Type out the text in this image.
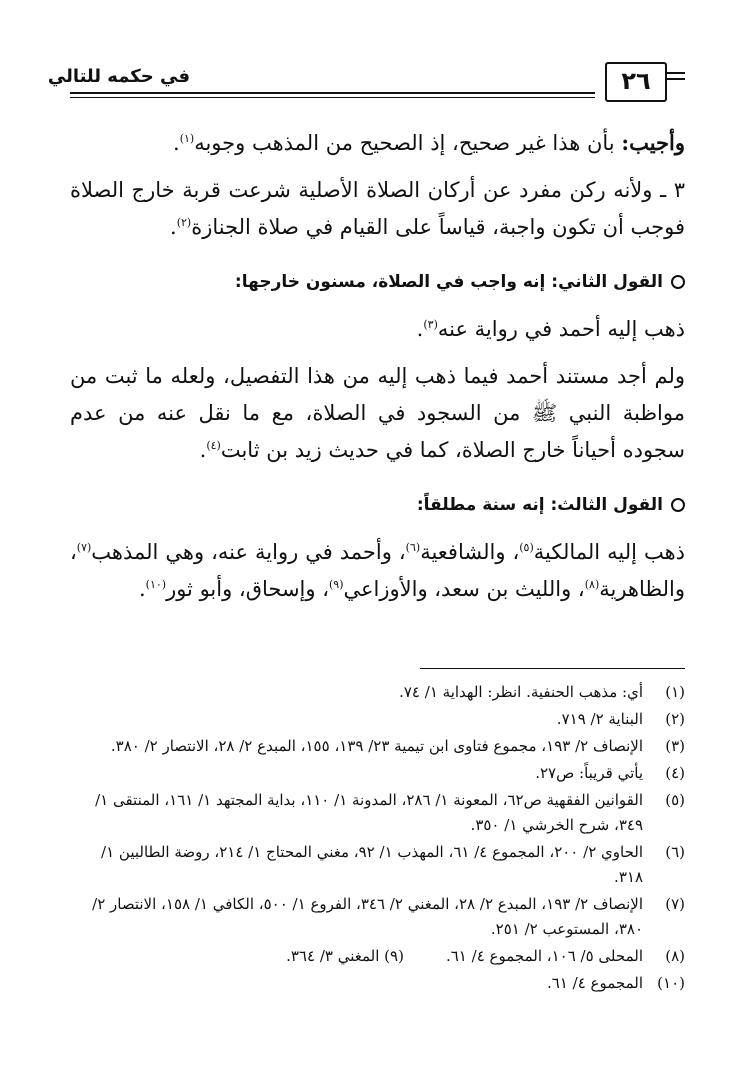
٢٦
في حكمه للتالي

وأجيب: بأن هذا غير صحيح، إذ الصحيح من المذهب وجوبه$^{(١)}$.

٣ ـ ولأنه ركن مفرد عن أركان الصلاة الأصلية شرعت قربة خارج الصلاة فوجب أن تكون واجبة، قياساً على القيام في صلاة الجنازة$^{(٢)}$.

القول الثاني: إنه واجب في الصلاة، مسنون خارجها:

ذهب إليه أحمد في رواية عنه$^{(٣)}$.

ولم أجد مستند أحمد فيما ذهب إليه من هذا التفصيل، ولعله ما ثبت من مواظبة النبي ﷺ من السجود في الصلاة، مع ما نقل عنه من عدم سجوده أحياناً خارج الصلاة، كما في حديث زيد بن ثابت$^{(٤)}$.

القول الثالث: إنه سنة مطلقاً:

ذهب إليه المالكية$^{(٥)}$، والشافعية$^{(٦)}$، وأحمد في رواية عنه، وهي المذهب$^{(٧)}$، والظاهرية$^{(٨)}$، والليث بن سعد، والأوزاعي$^{(٩)}$، وإسحاق، وأبو ثور$^{(١٠)}$.

(١)
أي: مذهب الحنفية. انظر: الهداية ١/ ٧٤.
(٢)
البناية ٢/ ٧١٩.
(٣)
الإنصاف ٢/ ١٩٣، مجموع فتاوى ابن تيمية ٢٣/ ١٣٩، ١٥٥، المبدع ٢/ ٢٨، الانتصار ٢/ ٣٨٠.
(٤)
يأتي قريباً: ص٢٧.
(٥)
القوانين الفقهية ص٦٢، المعونة ١/ ٢٨٦، المدونة ١/ ١١٠، بداية المجتهد ١/ ١٦١، المنتقى ١/ ٣٤٩، شرح الخرشي ١/ ٣٥٠.
(٦)
الحاوي ٢/ ٢٠٠، المجموع ٤/ ٦١، المهذب ١/ ٩٢، مغني المحتاج ١/ ٢١٤، روضة الطالبين ١/ ٣١٨.
(٧)
الإنصاف ٢/ ١٩٣، المبدع ٢/ ٢٨، المغني ٢/ ٣٤٦، الفروع ١/ ٥٠٠، الكافي ١/ ١٥٨، الانتصار ٢/ ٣٨٠، المستوعب ٢/ ٢٥١.
(٨)
المحلى ٥/ ١٠٦، المجموع ٤/ ٦١.(٩) المغني ٣/ ٣٦٤.
(١٠)
المجموع ٤/ ٦١.
